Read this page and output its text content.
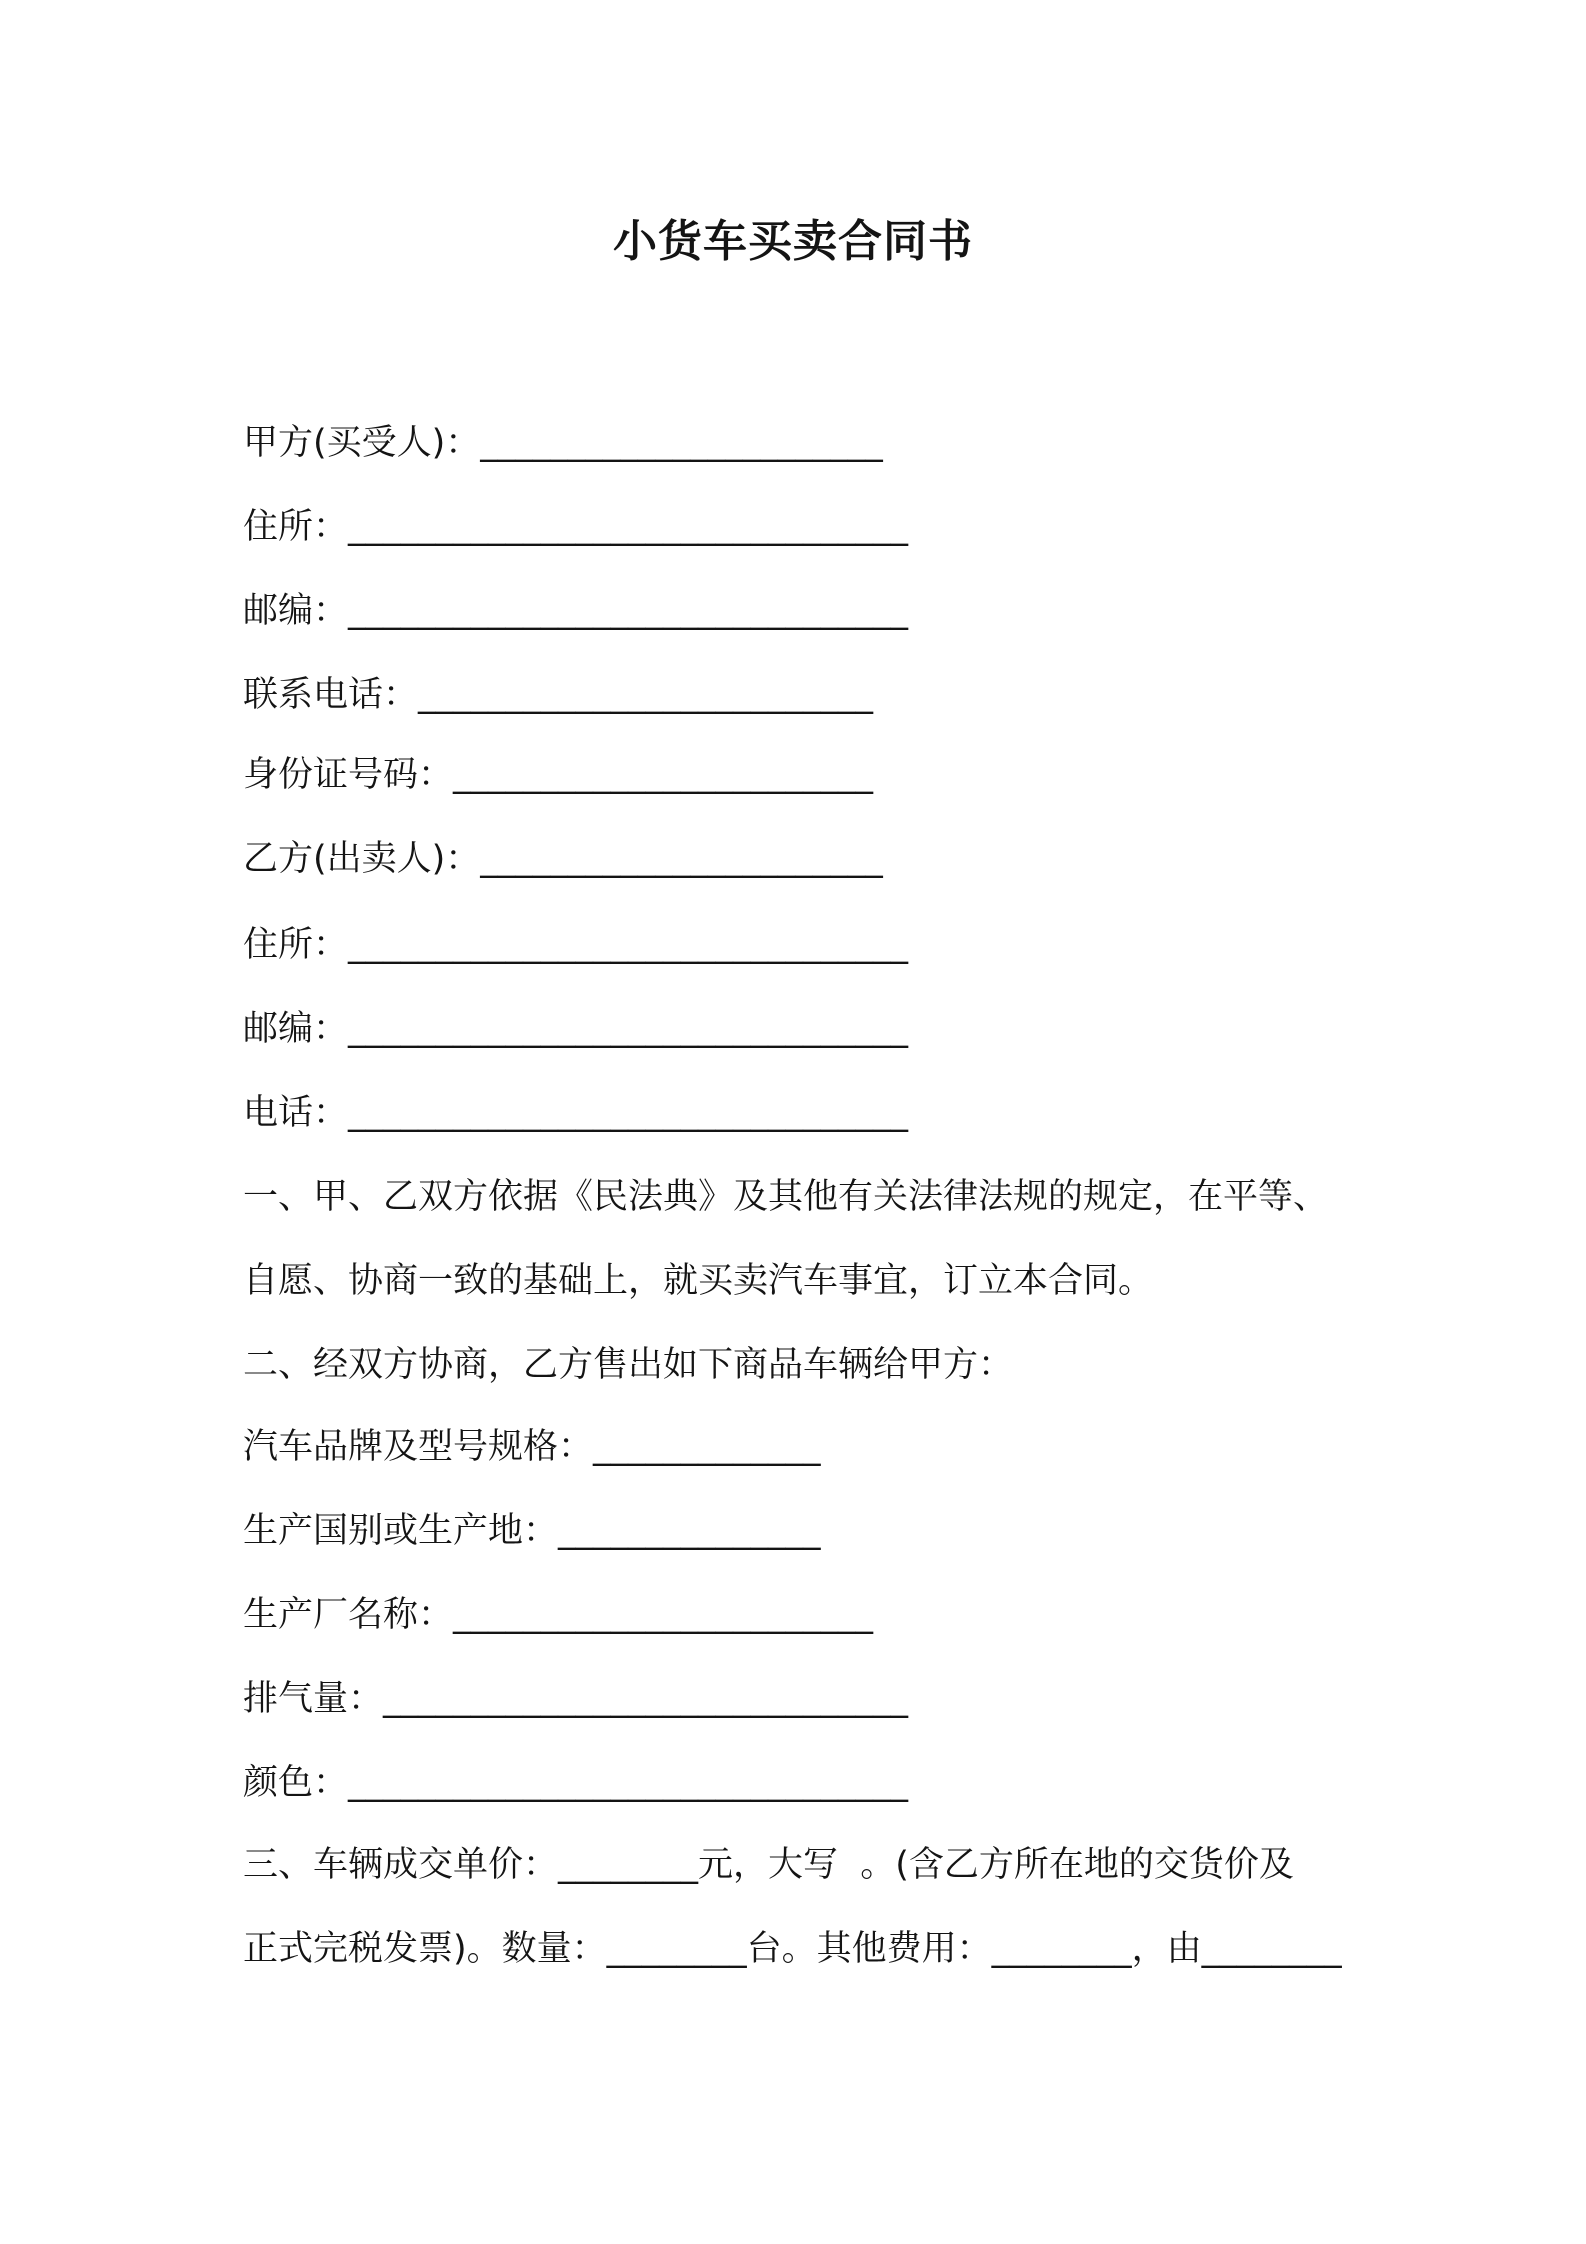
小货车买卖合同书
甲方(买受人)：_______________________
住所：________________________________
邮编：________________________________
联系电话：__________________________
身份证号码：________________________
乙方(出卖人)：_______________________
住所：________________________________
邮编：________________________________
电话：________________________________
一、甲、乙双方依据《民法典》及其他有关法律法规的规定，在平等、
自愿、协商一致的基础上，就买卖汽车事宜，订立本合同。
二、经双方协商，乙方售出如下商品车辆给甲方：
汽车品牌及型号规格：_____________
生产国别或生产地：_______________
生产厂名称：________________________
排气量：______________________________
颜色：________________________________
三、车辆成交单价：________元，大写  。(含乙方所在地的交货价及
正式完税发票)。数量：________台。其他费用：________，由________
